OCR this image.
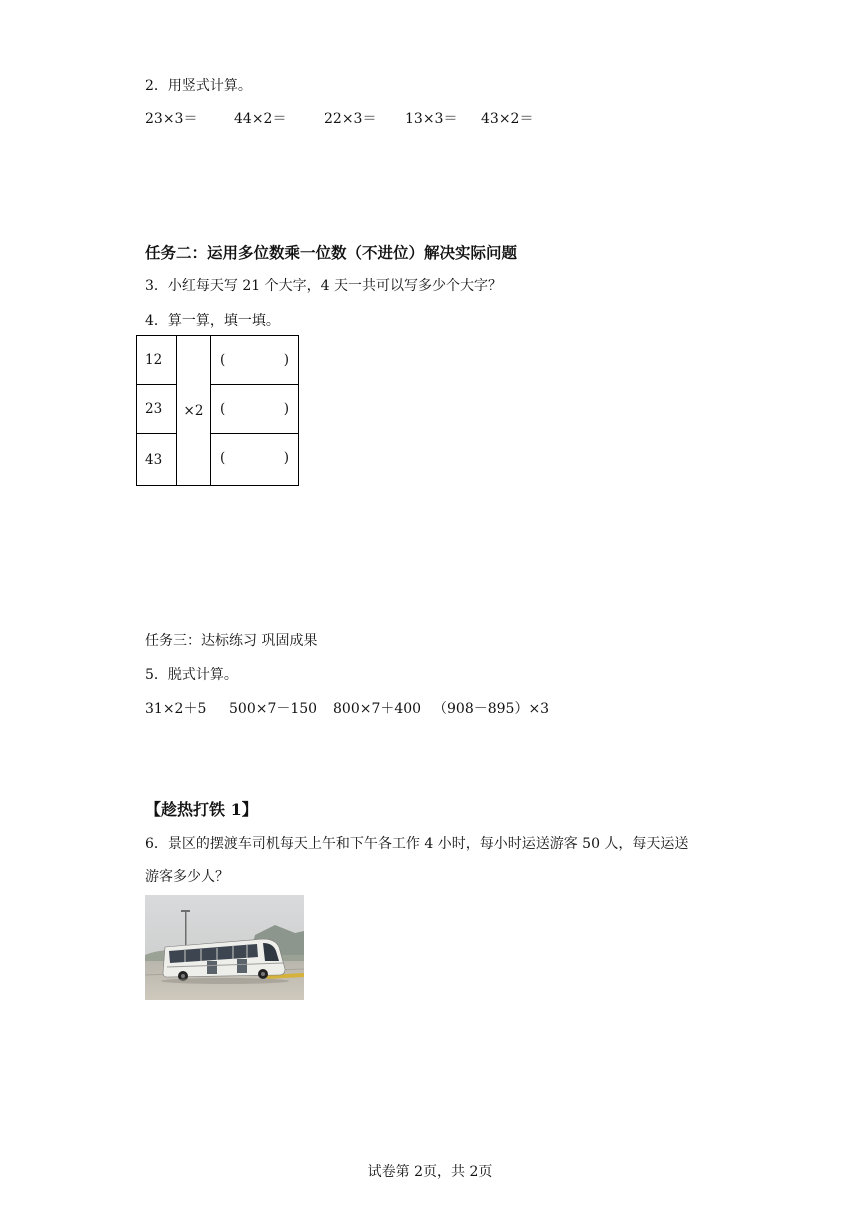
2．用竖式计算。
23×3＝	44×2＝	22×3＝ 13×3＝ 43×2＝
任务二：运用多位数乘一位数（不进位）解决实际问题
3．小红每天写 21 个大字，4 天一共可以写多少个大字？
4．算一算，填一填。
12	×2	( )

23		( )

43		( )
任务三：达标练习 巩固成果
5．脱式计算。
31×2＋5 500×7－150 800×7＋400 （908－895）×3
【趁热打铁 1】
6．景区的摆渡车司机每天上午和下午各工作 4 小时，每小时运送游客 50 人，每天运送
游客多少人？
试卷第 2页，共 2页
